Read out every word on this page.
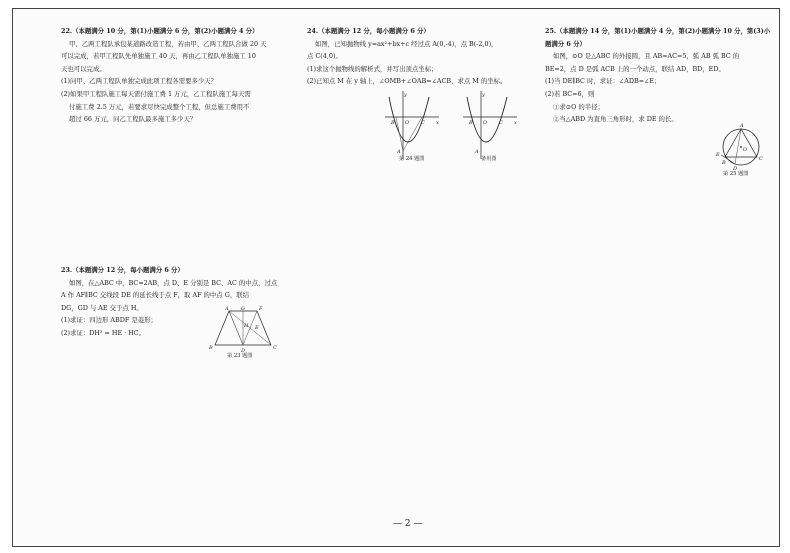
22.（本题满分 10 分，第(1)小题满分 6 分，第(2)小题满分 4 分）

甲、乙两工程队承包某道路改造工程，若由甲、乙两工程队合做 20 天

可以完成，若甲工程队先单独施工 40 天，再由乙工程队单独施工 10

天也可以完成。

(1)问甲、乙两工程队单独完成此项工程各需要多少天？

(2)如果甲工程队施工每天需付施工费 1 万元，乙工程队施工每天需

付施工费 2.5 万元，若要求尽快完成整个工程，但总施工费用不

超过 66 万元，问乙工程队最多施工多少天？

24.（本题满分 12 分，每小题满分 6 分）

如图，已知抛物线 y=ax²+bx+c 经过点 A(0,-4)，点 B(-2,0)，

点 C(4,0)。

(1)求这个抛物线的解析式，并写出顶点坐标；

(2)已知点 M 在 y 轴上，∠OMB+∠OAB=∠ACB，求点 M 的坐标。

y
B O C x
A
第 24 题图
y
B O C x
A
备用图

25.（本题满分 14 分，第(1)小题满分 4 分，第(2)小题满分 10 分，第(3)小

题满分 6 分）

如图，⊙O 是△ABC 的外接圆，且 AB=AC=5，弧 AB 弧 BC 的

BE=2，点 D 是弧 ACB 上的一个动点，联结 AD，BD，ED。

(1)当 DE∥BC 时，求证：∠ADB=∠E；

(2)若 BC=6，则

①求⊙O 的半径；

②当△ABD 为直角三角形时，求 DE 的长。

A
O
E
B
D
C
第 25 题图

23.（本题满分 12 分，每小题满分 6 分）

如图，在△ABC 中，BC=2AB，点 D、E 分别是 BC、AC 的中点，过点

A 作 AF∥BC 交线段 DE 的延长线于点 F，取 AF 的中点 G，联结

DG，GD 与 AE 交于点 H。

(1)求证：四边形 ABDF 是菱形；

(2)求证：DH² = HE · HC。

A G	F
E
H
B	D	C
第 23 题图
— 2 —
